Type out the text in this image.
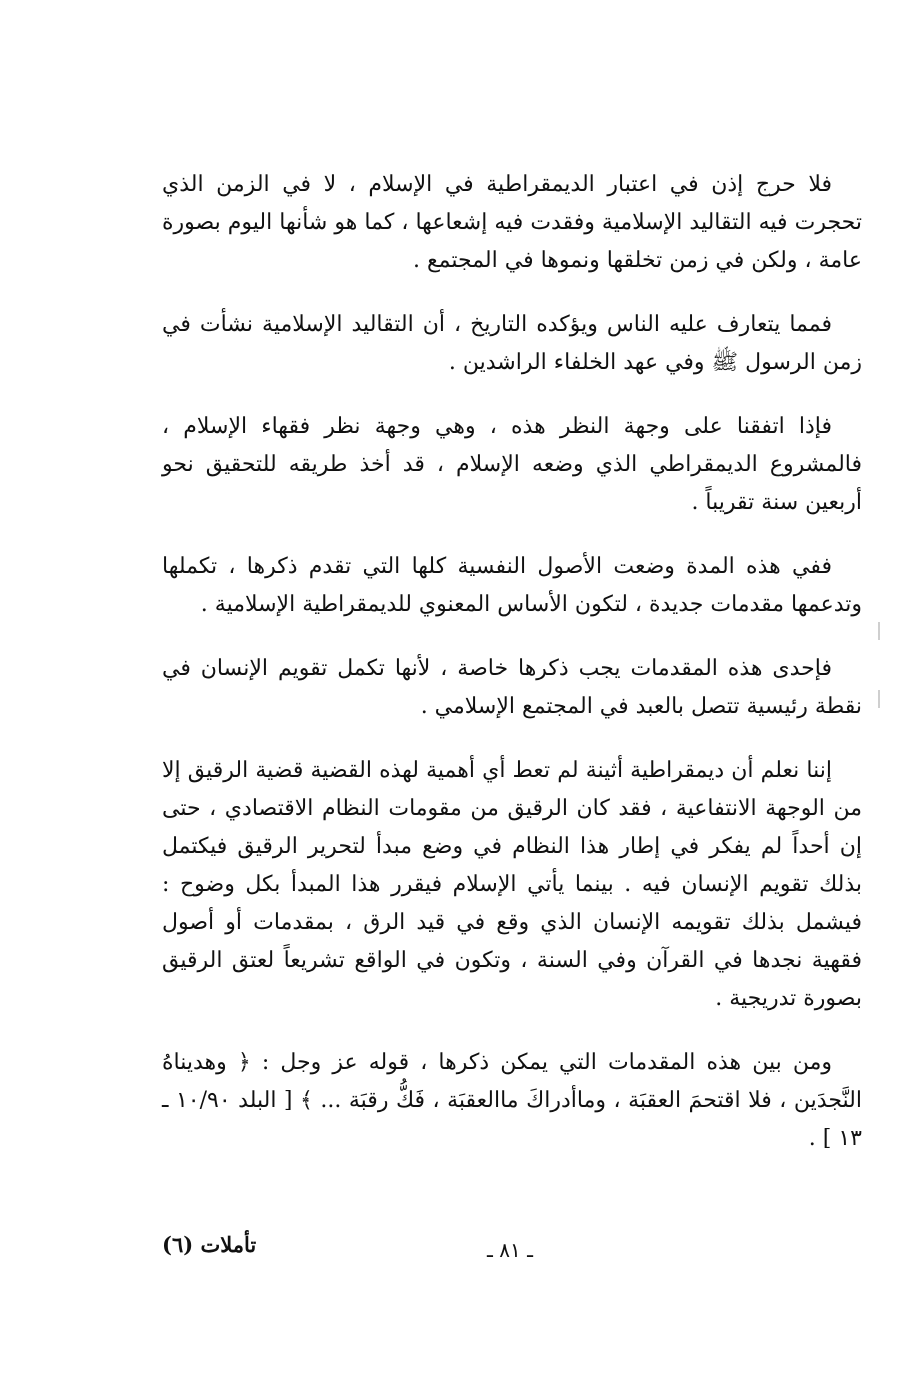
فلا حرج إذن في اعتبار الديمقراطية في الإسلام ، لا في الزمن الذي تحجرت فيه التقاليد الإسلامية وفقدت فيه إشعاعها ، كما هو شأنها اليوم بصورة عامة ، ولكن في زمن تخلقها ونموها في المجتمع .

فمما يتعارف عليه الناس ويؤكده التاريخ ، أن التقاليد الإسلامية نشأت في زمن الرسول ﷺ وفي عهد الخلفاء الراشدين .

فإذا اتفقنا على وجهة النظر هذه ، وهي وجهة نظر فقهاء الإسلام ، فالمشروع الديمقراطي الذي وضعه الإسلام ، قد أخذ طريقه للتحقيق نحو أربعين سنة تقريباً .

ففي هذه المدة وضعت الأصول النفسية كلها التي تقدم ذكرها ، تكملها وتدعمها مقدمات جديدة ، لتكون الأساس المعنوي للديمقراطية الإسلامية .

فإحدى هذه المقدمات يجب ذكرها خاصة ، لأنها تكمل تقويم الإنسان في نقطة رئيسية تتصل بالعبد في المجتمع الإسلامي .

إننا نعلم أن ديمقراطية أثينة لم تعط أي أهمية لهذه القضية قضية الرقيق إلا من الوجهة الانتفاعية ، فقد كان الرقيق من مقومات النظام الاقتصادي ، حتى إن أحداً لم يفكر في إطار هذا النظام في وضع مبدأ لتحرير الرقيق فيكتمل بذلك تقويم الإنسان فيه . بينما يأتي الإسلام فيقرر هذا المبدأ بكل وضوح : فيشمل بذلك تقويمه الإنسان الذي وقع في قيد الرق ، بمقدمات أو أصول فقهية نجدها في القرآن وفي السنة ، وتكون في الواقع تشريعاً لعتق الرقيق بصورة تدريجية .

ومن بين هذه المقدمات التي يمكن ذكرها ، قوله عز وجل : ﴿ وهديناهُ النَّجدَين ، فلا اقتحمَ العقبَة ، وماأدراكَ ماالعقبَة ، فَكُّ رقبَة ... ﴾ [ البلد ١٠/٩٠ ـ ١٣ ] .

ـ ٨١ ـ
تأملات (٦)
